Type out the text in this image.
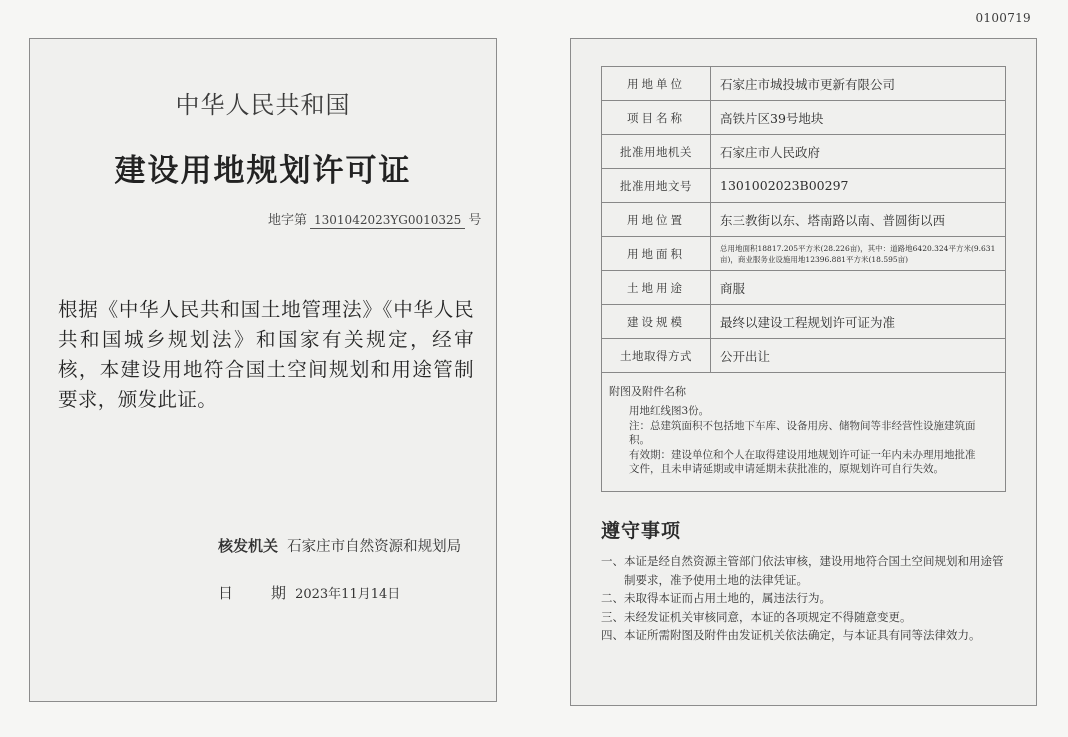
0100719
中华人民共和国
建设用地规划许可证
地字第 1301042023YG0010325 号
根据《中华人民共和国土地管理法》《中华人民共和国城乡规划法》和国家有关规定，经审核，本建设用地符合国土空间规划和用途管制要求，颁发此证。
核发机关 石家庄市自然资源和规划局
日 期 2023年11月14日
用地单位	石家庄市城投城市更新有限公司
项目名称	高铁片区39号地块
批准用地机关	石家庄市人民政府
批准用地文号	1301002023B00297
用地位置	东三教街以东、塔南路以南、普圆街以西
用地面积	总用地面积18817.205平方米(28.226亩)，其中：道路地6420.324平方米(9.631亩)，商业服务业设施用地12396.881平方米(18.595亩)
土地用途	商服
建设规模	最终以建设工程规划许可证为准
土地取得方式	公开出让
附图及附件名称

用地红线图3份。

注：总建筑面积不包括地下车库、设备用房、储物间等非经营性设施建筑面积。

有效期：建设单位和个人在取得建设用地规划许可证一年内未办理用地批准文件，且未申请延期或申请延期未获批准的，原规划许可自行失效。

遵守事项
一、 本证是经自然资源主管部门依法审核，建设用地符合国土空间规划和用途管制要求，准予使用土地的法律凭证。
二、 未取得本证而占用土地的，属违法行为。
三、 未经发证机关审核同意，本证的各项规定不得随意变更。
四、 本证所需附图及附件由发证机关依法确定，与本证具有同等法律效力。
